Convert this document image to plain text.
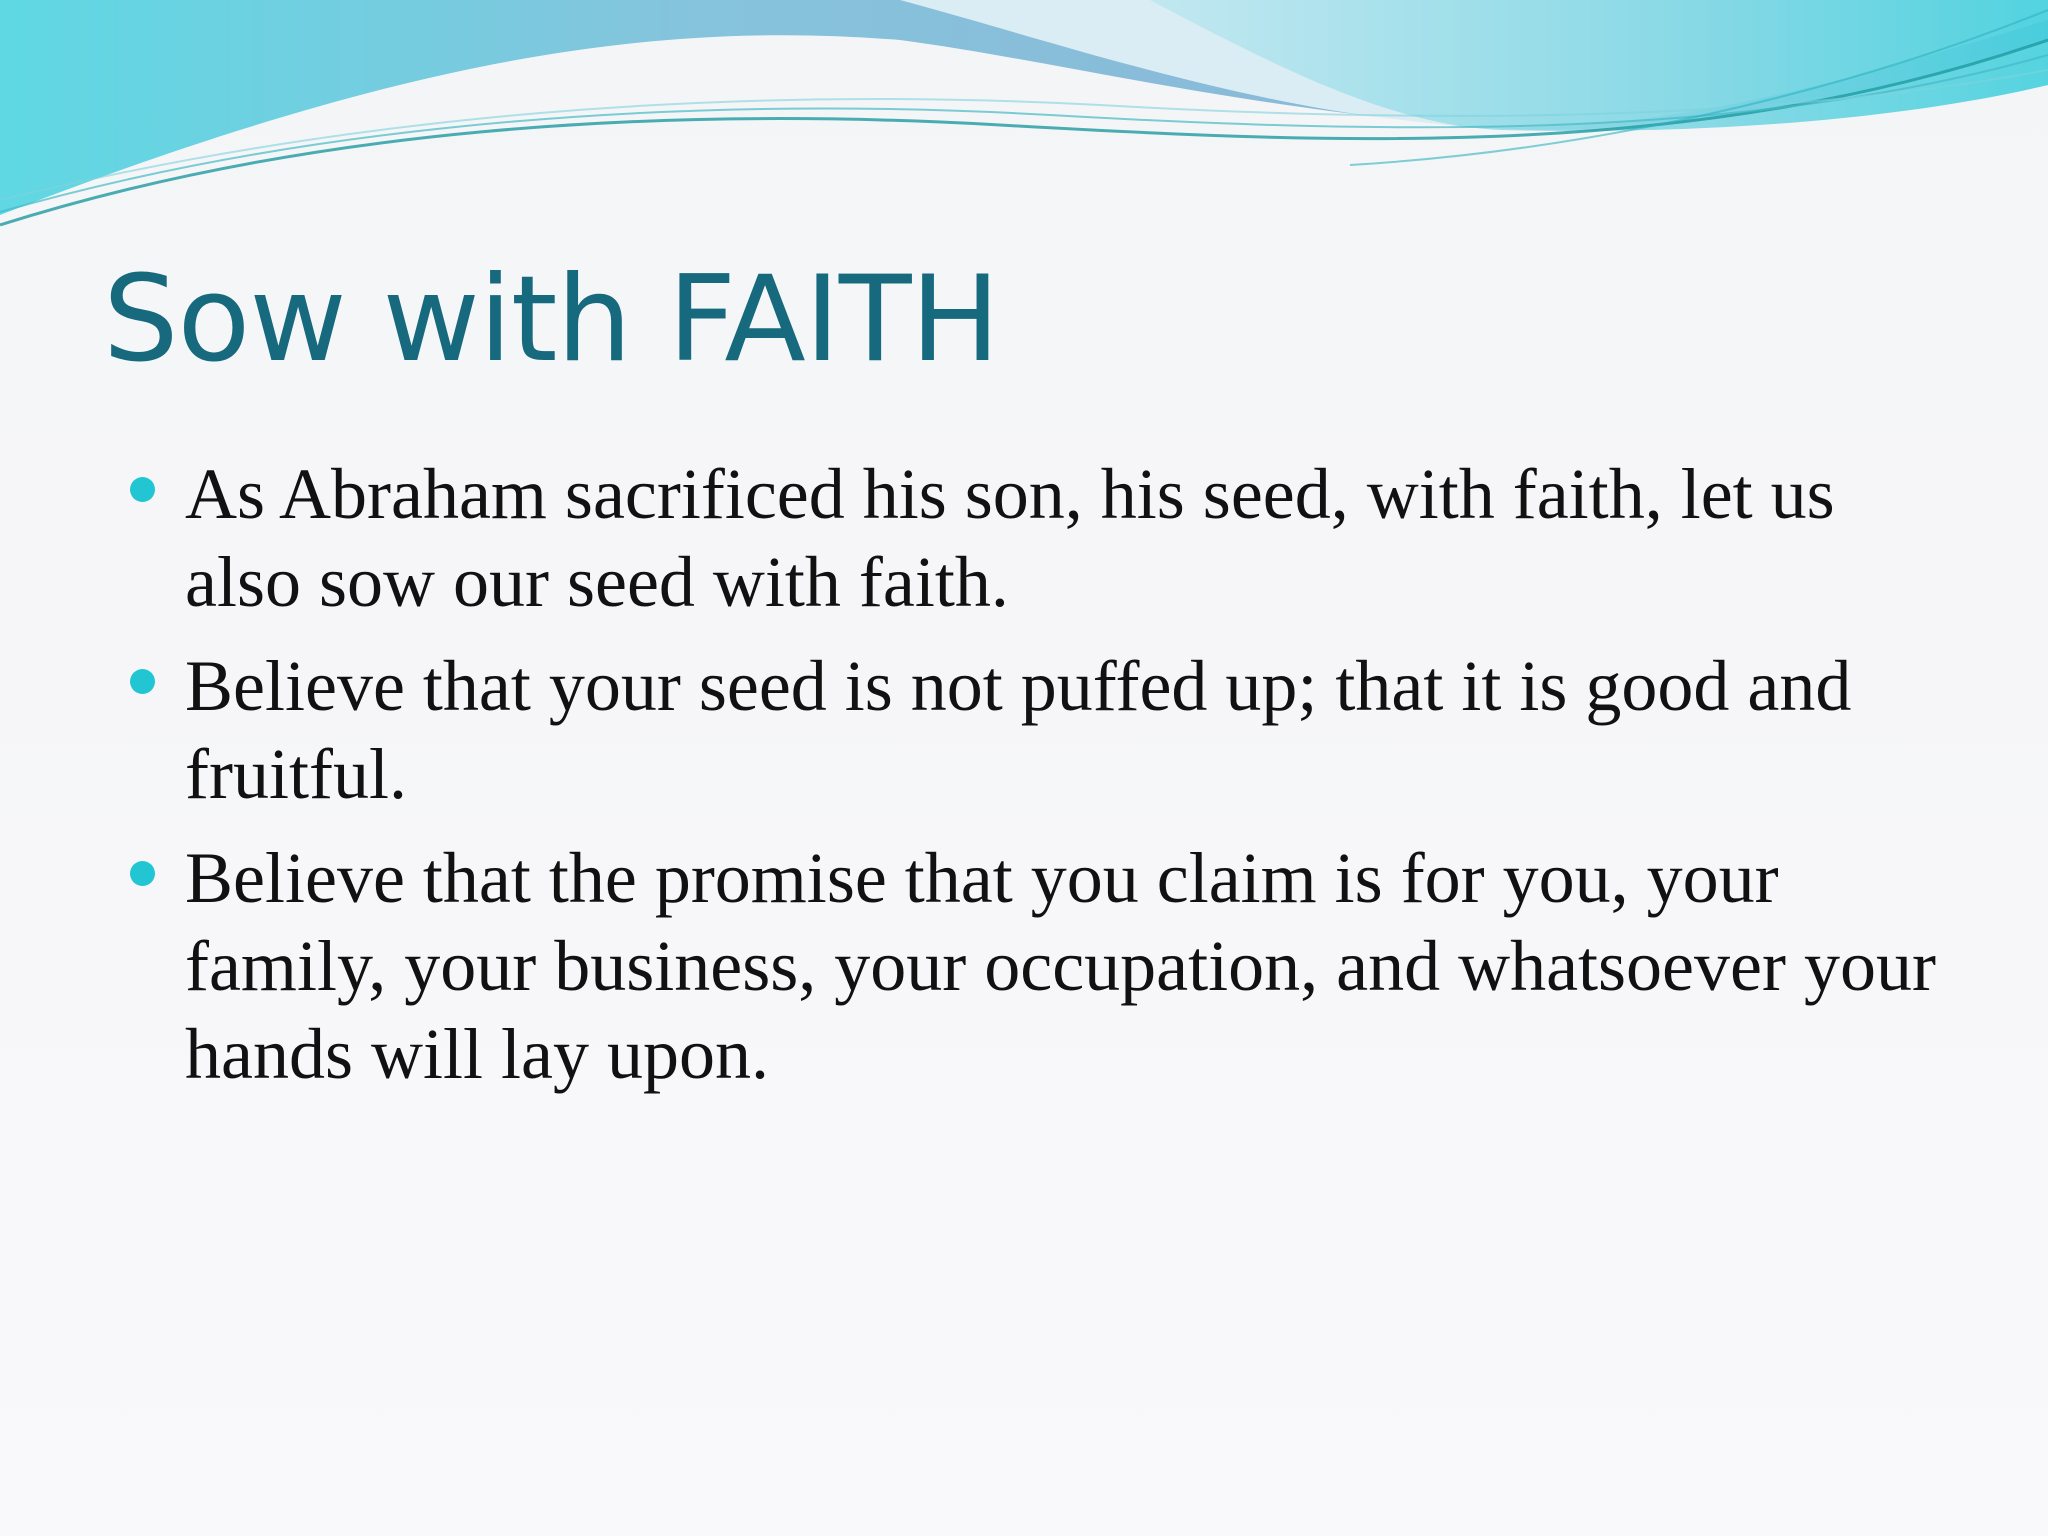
Sow with FAITH
As Abraham sacrificed his son, his seed, with faith, let us also sow our seed with faith.
Believe that your seed is not puffed up; that it is good and fruitful.
Believe that the promise that you claim is for you, your family, your business, your occupation, and whatsoever your hands will lay upon.
